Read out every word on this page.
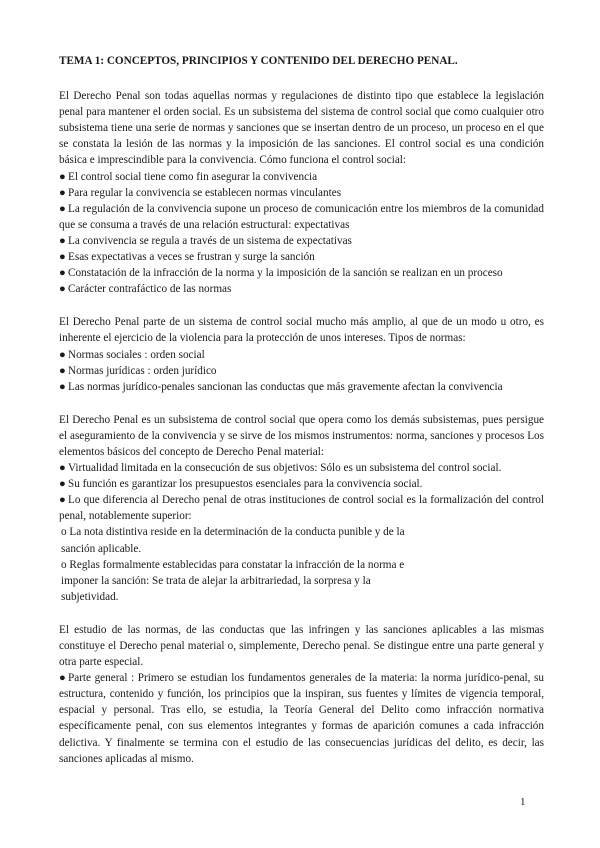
TEMA 1: CONCEPTOS, PRINCIPIOS Y CONTENIDO DEL DERECHO PENAL.

El Derecho Penal son todas aquellas normas y regulaciones de distinto tipo que establece la legislación penal para mantener el orden social. Es un subsistema del sistema de control social que como cualquier otro subsistema tiene una serie de normas y sanciones que se insertan dentro de un proceso, un proceso en el que se constata la lesión de las normas y la imposición de las sanciones. El control social es una condición básica e imprescindible para la convivencia. Cómo funciona el control social:

● El control social tiene como fin asegurar la convivencia
● Para regular la convivencia se establecen normas vinculantes
● La regulación de la convivencia supone un proceso de comunicación entre los miembros de la comunidad que se consuma a través de una relación estructural: expectativas
● La convivencia se regula a través de un sistema de expectativas
● Esas expectativas a veces se frustran y surge la sanción
● Constatación de la infracción de la norma y la imposición de la sanción se realizan en un proceso
● Carácter contrafáctico de las normas

El Derecho Penal parte de un sistema de control social mucho más amplio, al que de un modo u otro, es inherente el ejercicio de la violencia para la protección de unos intereses. Tipos de normas:

● Normas sociales : orden social
● Normas jurídicas : orden jurídico
● Las normas jurídico-penales sancionan las conductas que más gravemente afectan la convivencia

El Derecho Penal es un subsistema de control social que opera como los demás subsistemas, pues persigue el aseguramiento de la convivencia y se sirve de los mismos instrumentos: norma, sanciones y procesos Los elementos básicos del concepto de Derecho Penal material:

● Virtualidad limitada en la consecución de sus objetivos: Sólo es un subsistema del control social.
● Su función es garantizar los presupuestos esenciales para la convivencia social.
● Lo que diferencia al Derecho penal de otras instituciones de control social es la formalización del control penal, notablemente superior:
o La nota distintiva reside en la determinación de la conducta punible y de la
sanción aplicable.
o Reglas formalmente establecidas para constatar la infracción de la norma e
imponer la sanción: Se trata de alejar la arbitrariedad, la sorpresa y la
subjetividad.

El estudio de las normas, de las conductas que las infringen y las sanciones aplicables a las mismas constituye el Derecho penal material o, simplemente, Derecho penal. Se distingue entre una parte general y otra parte especial.

● Parte general : Primero se estudian los fundamentos generales de la materia: la norma jurídico-penal, su estructura, contenido y función, los principios que la inspiran, sus fuentes y límites de vigencia temporal, espacial y personal. Tras ello, se estudia, la Teoría General del Delito como infracción normativa específicamente penal, con sus elementos integrantes y formas de aparición comunes a cada infracción delictiva. Y finalmente se termina con el estudio de las consecuencias jurídicas del delito, es decir, las sanciones aplicadas al mismo.
1
